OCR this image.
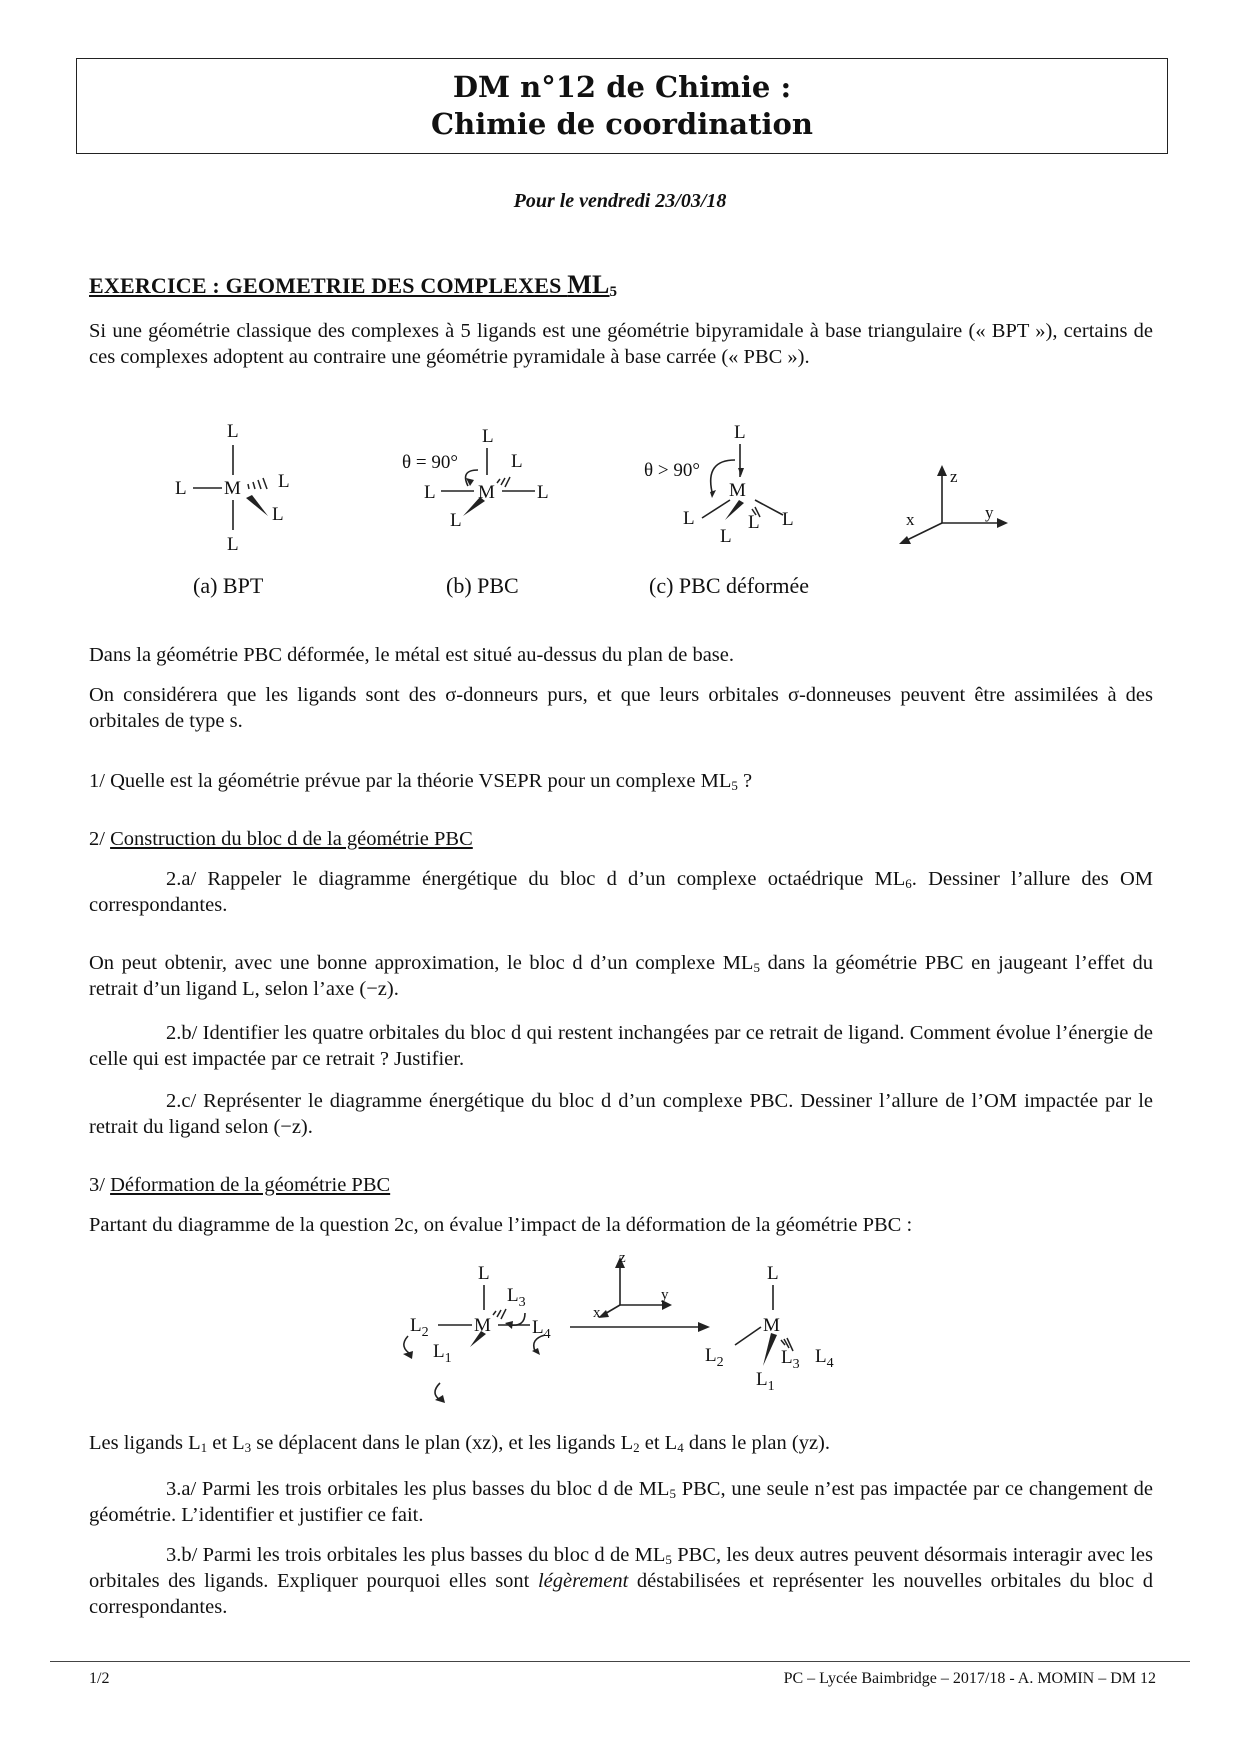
DM n°12 de Chimie :
Chimie de coordination
Pour le vendredi 23/03/18
EXERCICE : GEOMETRIE DES COMPLEXES $ML_5$
Si une géométrie classique des complexes à 5 ligands est une géométrie bipyramidale à base triangulaire (« BPT »), certains de ces complexes adoptent au contraire une géométrie pyramidale à base carrée (« PBC »).
L
M
L	L
L
L
L
M
L	L
L
L
θ = 90°
L
M
L
L
L L
θ > 90°	z
y
x
(a) BPT	(b) PBC	(c) PBC déformée
Dans la géométrie PBC déformée, le métal est situé au-dessus du plan de base.
On considérera que les ligands sont des σ-donneurs purs, et que leurs orbitales σ-donneuses peuvent être assimilées à des orbitales de type s.
1/ Quelle est la géométrie prévue par la théorie VSEPR pour un complexe $ML_5$ ?
2/ Construction du bloc d de la géométrie PBC
2.a/ Rappeler le diagramme énergétique du bloc d d’un complexe octaédrique $ML_6$. Dessiner l’allure des OM correspondantes.
On peut obtenir, avec une bonne approximation, le bloc d d’un complexe $ML_5$ dans la géométrie PBC en jaugeant l’effet du retrait d’un ligand L, selon l’axe (−z).
2.b/ Identifier les quatre orbitales du bloc d qui restent inchangées par ce retrait de ligand. Comment évolue l’énergie de celle qui est impactée par ce retrait ? Justifier.
2.c/ Représenter le diagramme énergétique du bloc d d’un complexe PBC. Dessiner l’allure de l’OM impactée par le retrait du ligand selon (−z).
3/ Déformation de la géométrie PBC
Partant du diagramme de la question 2c, on évalue l’impact de la déformation de la géométrie PBC :
L
M
$L_2$
$L_3$
$L_4$
$L_1$
z
y
x
L
M
$L_2$
$L_1$
$L_3$ $L_4$
Les ligands $L_1$ et $L_3$ se déplacent dans le plan (xz), et les ligands $L_2$ et $L_4$ dans le plan (yz).
3.a/ Parmi les trois orbitales les plus basses du bloc d de $ML_5$ PBC, une seule n’est pas impactée par ce changement de géométrie. L’identifier et justifier ce fait.
3.b/ Parmi les trois orbitales les plus basses du bloc d de $ML_5$ PBC, les deux autres peuvent désormais interagir avec les orbitales des ligands. Expliquer pourquoi elles sont légèrement déstabilisées et représenter les nouvelles orbitales du bloc d correspondantes.
1/2	PC – Lycée Baimbridge – 2017/18 - A. MOMIN – DM 12
